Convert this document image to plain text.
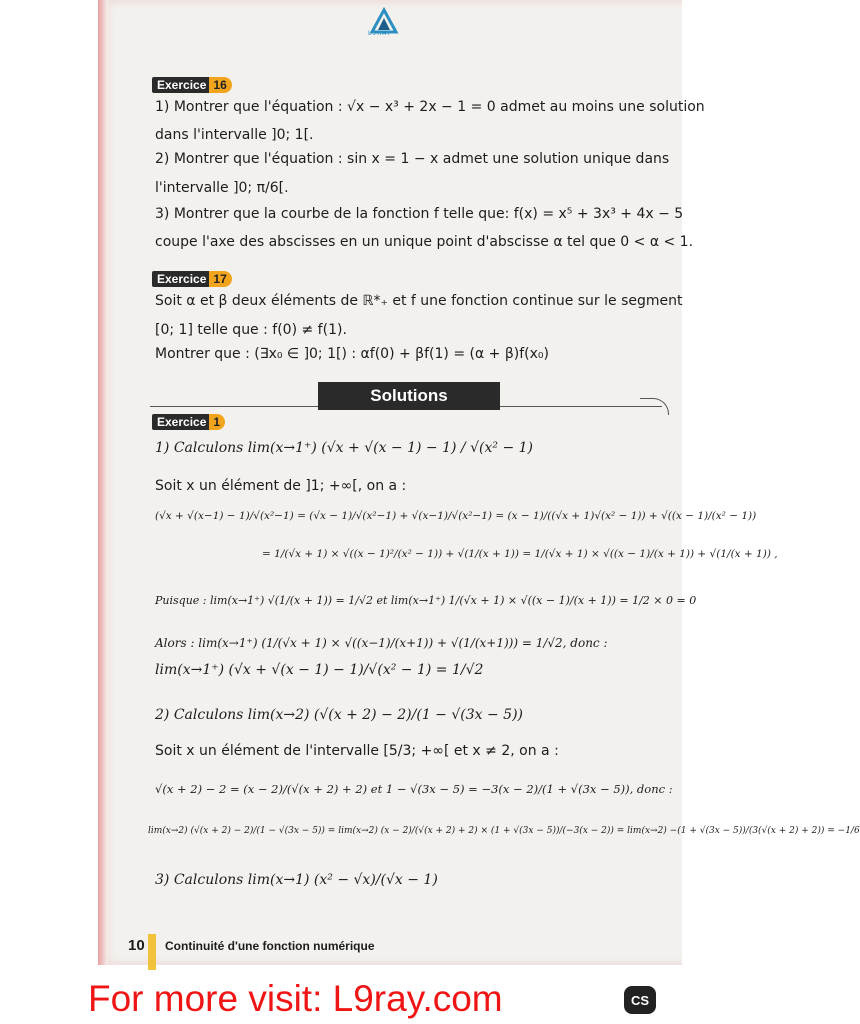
L9RAY
Exercice 16
1) Montrer que l'équation : √x − x³ + 2x − 1 = 0 admet au moins une solution
dans l'intervalle ]0; 1[.
2) Montrer que l'équation : sin x = 1 − x admet une solution unique dans
l'intervalle ]0; π/6[.
3) Montrer que la courbe de la fonction f telle que: f(x) = x⁵ + 3x³ + 4x − 5
coupe l'axe des abscisses en un unique point d'abscisse α tel que 0 < α < 1.
Exercice 17
Soit α et β deux éléments de ℝ*₊ et f une fonction continue sur le segment
[0; 1] telle que : f(0) ≠ f(1).
Montrer que : (∃x₀ ∈ ]0; 1[) : αf(0) + βf(1) = (α + β)f(x₀)
Solutions
Exercice 1
1) Calculons lim(x→1⁺) (√x + √(x − 1) − 1) / √(x² − 1)
Soit x un élément de ]1; +∞[, on a :
(√x + √(x−1) − 1)/√(x²−1) = (√x − 1)/√(x²−1) + √(x−1)/√(x²−1) = (x − 1)/((√x + 1)√(x² − 1)) + √((x − 1)/(x² − 1))
= 1/(√x + 1) × √((x − 1)²/(x² − 1)) + √(1/(x + 1)) = 1/(√x + 1) × √((x − 1)/(x + 1)) + √(1/(x + 1)) ,
Puisque : lim(x→1⁺) √(1/(x + 1)) = 1/√2 et lim(x→1⁺) 1/(√x + 1) × √((x − 1)/(x + 1)) = 1/2 × 0 = 0
Alors : lim(x→1⁺) (1/(√x + 1) × √((x−1)/(x+1)) + √(1/(x+1))) = 1/√2, donc :
lim(x→1⁺) (√x + √(x − 1) − 1)/√(x² − 1) = 1/√2
2) Calculons lim(x→2) (√(x + 2) − 2)/(1 − √(3x − 5))
Soit x un élément de l'intervalle [5/3; +∞[ et x ≠ 2, on a :
√(x + 2) − 2 = (x − 2)/(√(x + 2) + 2) et 1 − √(3x − 5) = −3(x − 2)/(1 + √(3x − 5)), donc :
lim(x→2) (√(x + 2) − 2)/(1 − √(3x − 5)) = lim(x→2) (x − 2)/(√(x + 2) + 2) × (1 + √(3x − 5))/(−3(x − 2)) = lim(x→2) −(1 + √(3x − 5))/(3(√(x + 2) + 2)) = −1/6
3) Calculons lim(x→1) (x² − √x)/(√x − 1)
10 Continuité d'une fonction numérique
For more visit: L9ray.com	CS
